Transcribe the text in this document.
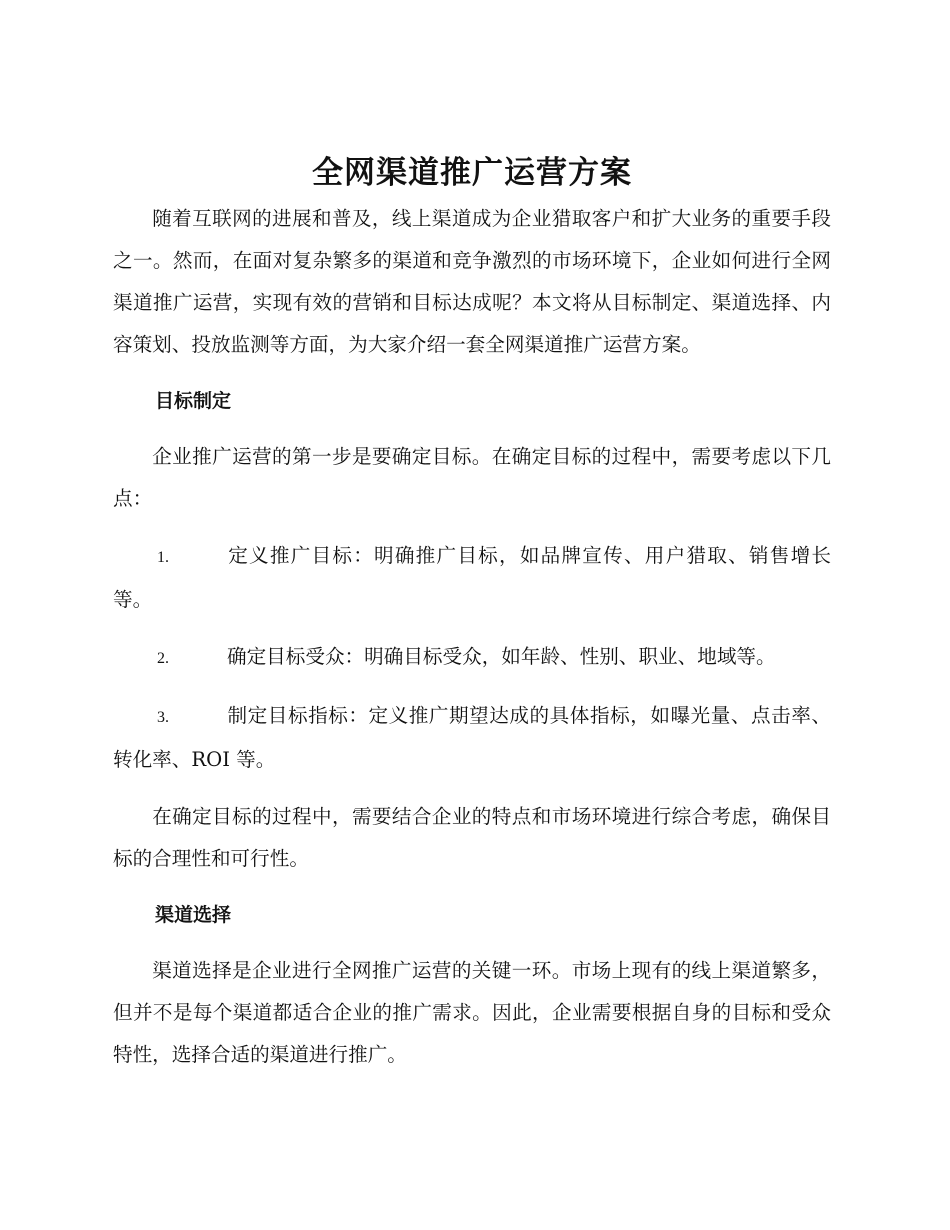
全网渠道推广运营方案

随着互联网的进展和普及，线上渠道成为企业猎取客户和扩大业务的重要手段之一。然而，在面对复杂繁多的渠道和竞争激烈的市场环境下，企业如何进行全网渠道推广运营，实现有效的营销和目标达成呢？本文将从目标制定、渠道选择、内容策划、投放监测等方面，为大家介绍一套全网渠道推广运营方案。

目标制定

企业推广运营的第一步是要确定目标。在确定目标的过程中，需要考虑以下几点：

1.	定义推广目标：明确推广目标，如品牌宣传、用户猎取、销售增长等。

2.	确定目标受众：明确目标受众，如年龄、性别、职业、地域等。

3.	制定目标指标：定义推广期望达成的具体指标，如曝光量、点击率、转化率、ROI 等。

在确定目标的过程中，需要结合企业的特点和市场环境进行综合考虑，确保目标的合理性和可行性。

渠道选择

渠道选择是企业进行全网推广运营的关键一环。市场上现有的线上渠道繁多，但并不是每个渠道都适合企业的推广需求。因此，企业需要根据自身的目标和受众特性，选择合适的渠道进行推广。
